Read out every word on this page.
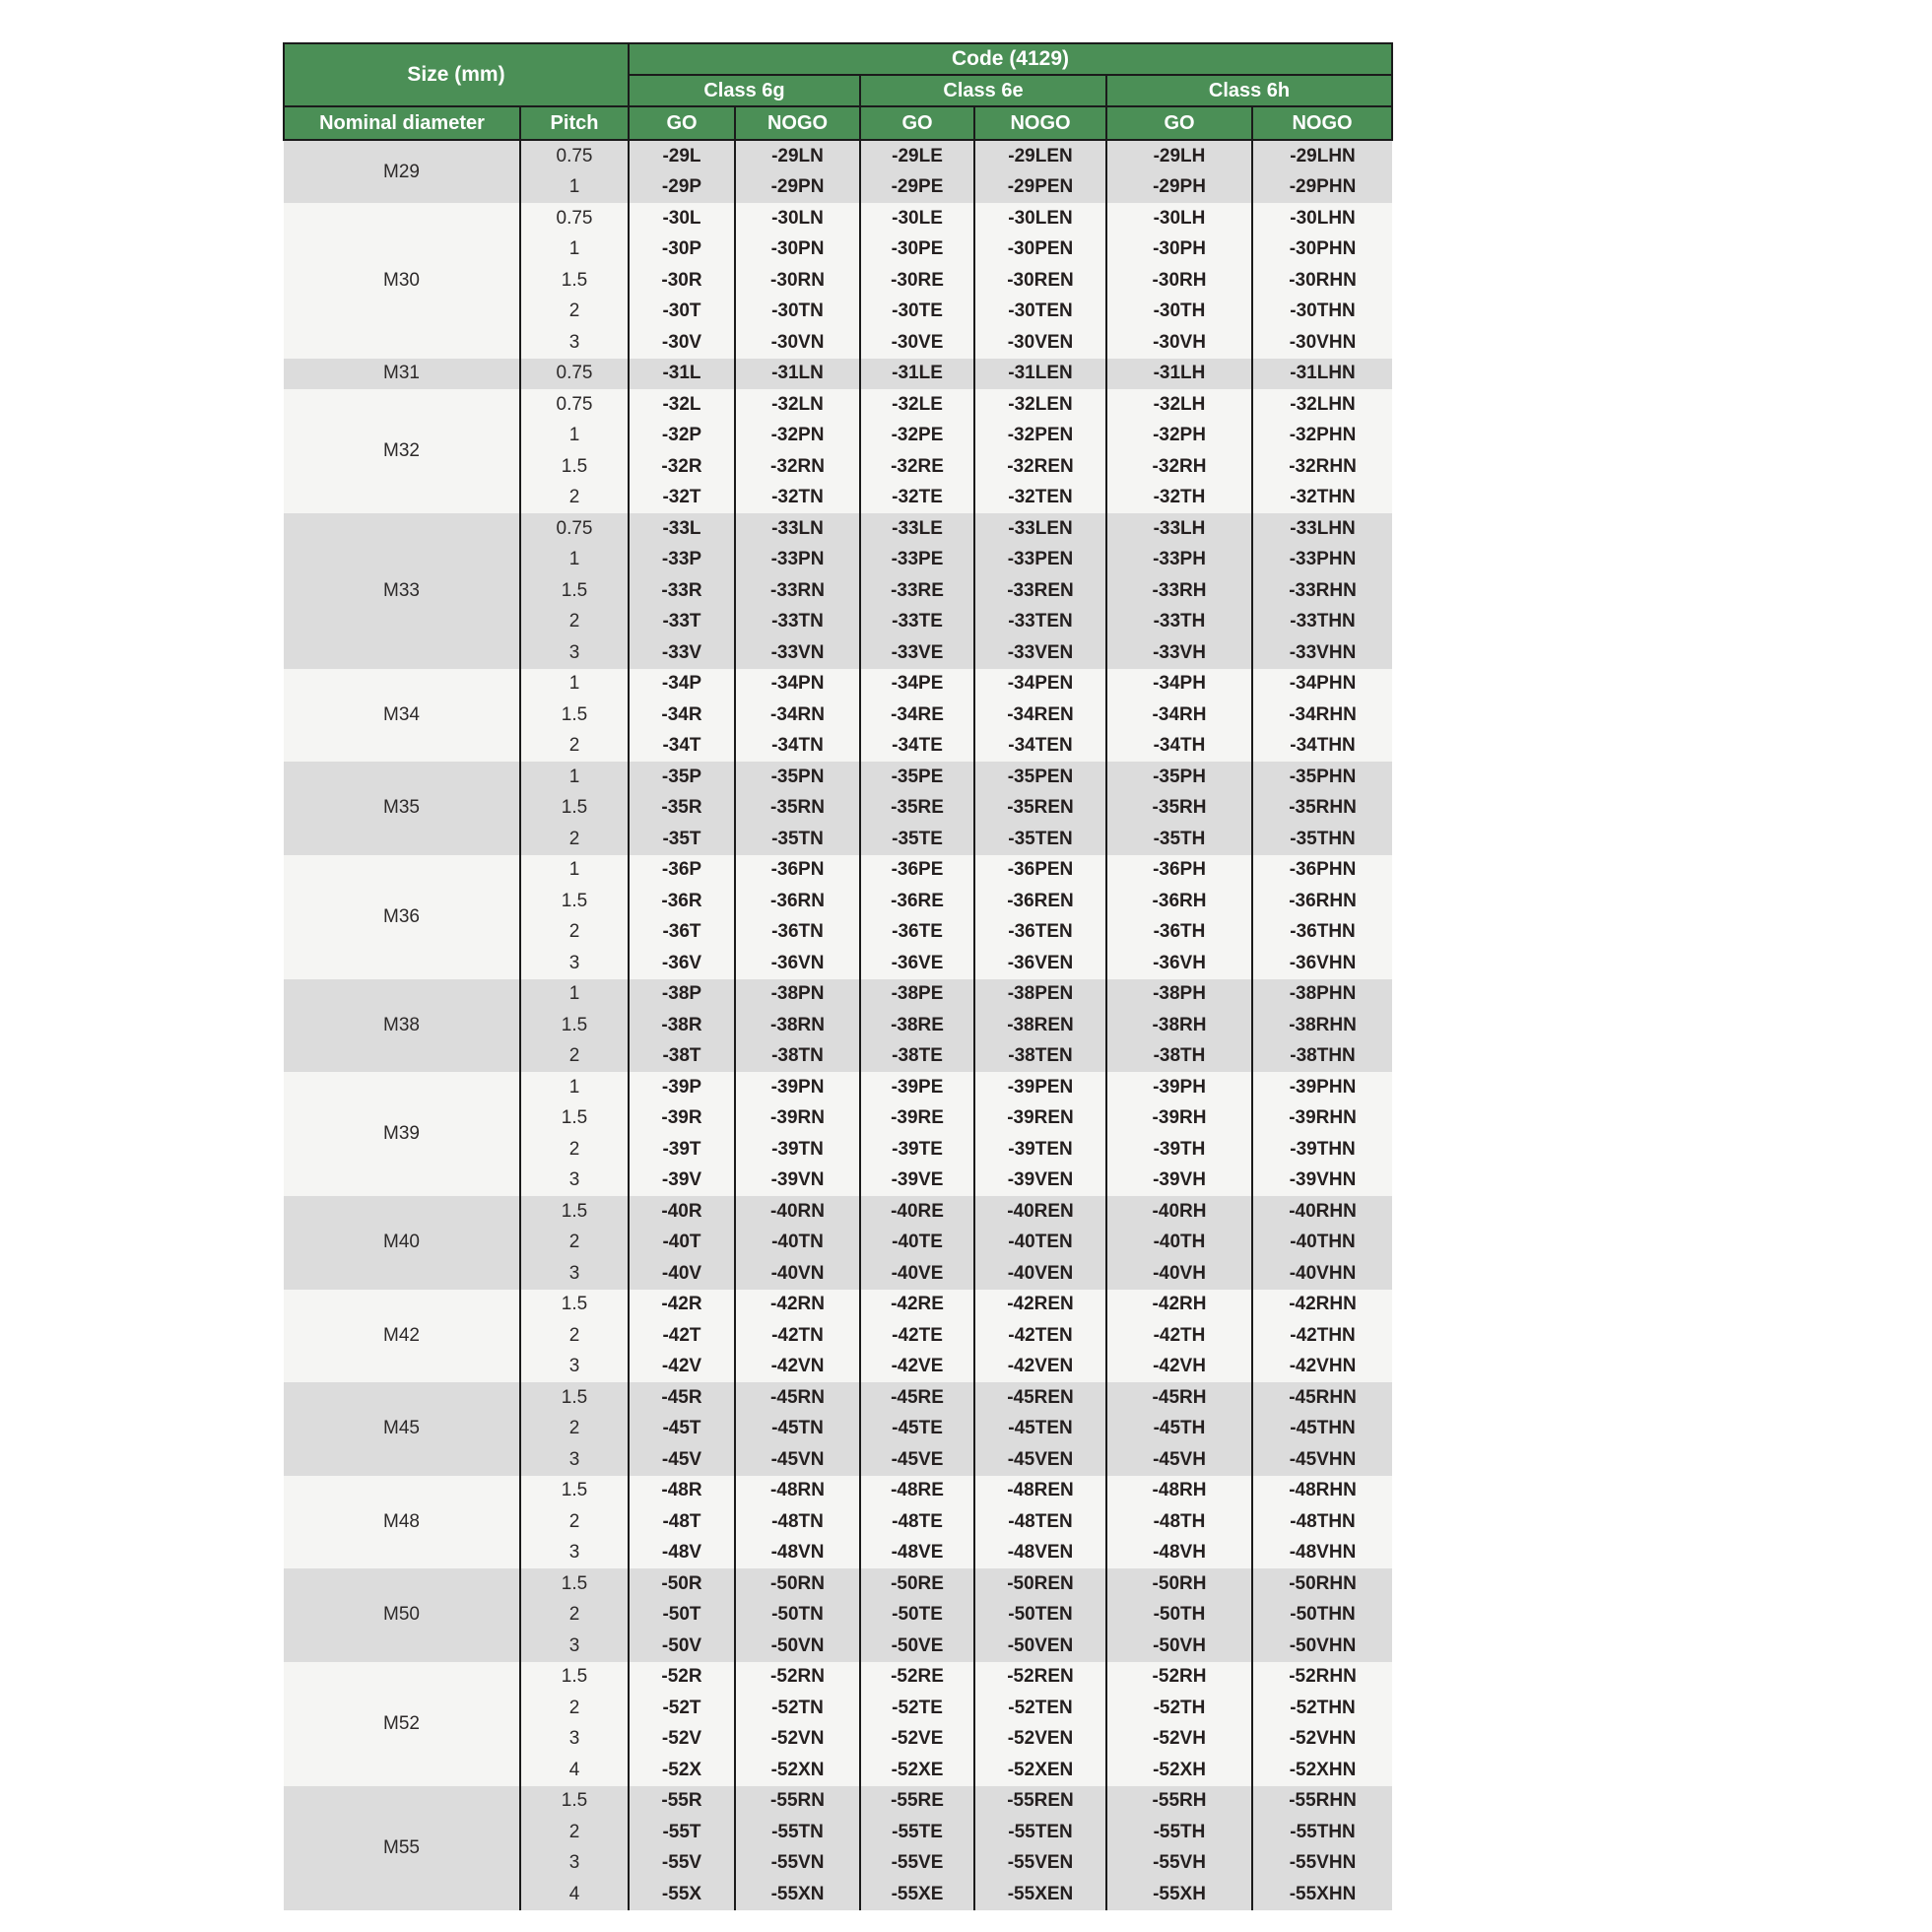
Size (mm)		Code (4129)					
		Class 6g		Class 6e		Class 6h	
Nominal diameter	Pitch	GO	NOGO	GO	NOGO	GO	NOGO
M29	0.75	-29L	-29LN	-29LE	-29LEN	-29LH	-29LHN
	1	-29P	-29PN	-29PE	-29PEN	-29PH	-29PHN
M30	0.75	-30L	-30LN	-30LE	-30LEN	-30LH	-30LHN
	1	-30P	-30PN	-30PE	-30PEN	-30PH	-30PHN
	1.5	-30R	-30RN	-30RE	-30REN	-30RH	-30RHN
	2	-30T	-30TN	-30TE	-30TEN	-30TH	-30THN
	3	-30V	-30VN	-30VE	-30VEN	-30VH	-30VHN
M31	0.75	-31L	-31LN	-31LE	-31LEN	-31LH	-31LHN
M32	0.75	-32L	-32LN	-32LE	-32LEN	-32LH	-32LHN
	1	-32P	-32PN	-32PE	-32PEN	-32PH	-32PHN
	1.5	-32R	-32RN	-32RE	-32REN	-32RH	-32RHN
	2	-32T	-32TN	-32TE	-32TEN	-32TH	-32THN
M33	0.75	-33L	-33LN	-33LE	-33LEN	-33LH	-33LHN
	1	-33P	-33PN	-33PE	-33PEN	-33PH	-33PHN
	1.5	-33R	-33RN	-33RE	-33REN	-33RH	-33RHN
	2	-33T	-33TN	-33TE	-33TEN	-33TH	-33THN
	3	-33V	-33VN	-33VE	-33VEN	-33VH	-33VHN
M34	1	-34P	-34PN	-34PE	-34PEN	-34PH	-34PHN
	1.5	-34R	-34RN	-34RE	-34REN	-34RH	-34RHN
	2	-34T	-34TN	-34TE	-34TEN	-34TH	-34THN
M35	1	-35P	-35PN	-35PE	-35PEN	-35PH	-35PHN
	1.5	-35R	-35RN	-35RE	-35REN	-35RH	-35RHN
	2	-35T	-35TN	-35TE	-35TEN	-35TH	-35THN
M36	1	-36P	-36PN	-36PE	-36PEN	-36PH	-36PHN
	1.5	-36R	-36RN	-36RE	-36REN	-36RH	-36RHN
	2	-36T	-36TN	-36TE	-36TEN	-36TH	-36THN
	3	-36V	-36VN	-36VE	-36VEN	-36VH	-36VHN
M38	1	-38P	-38PN	-38PE	-38PEN	-38PH	-38PHN
	1.5	-38R	-38RN	-38RE	-38REN	-38RH	-38RHN
	2	-38T	-38TN	-38TE	-38TEN	-38TH	-38THN
M39	1	-39P	-39PN	-39PE	-39PEN	-39PH	-39PHN
	1.5	-39R	-39RN	-39RE	-39REN	-39RH	-39RHN
	2	-39T	-39TN	-39TE	-39TEN	-39TH	-39THN
	3	-39V	-39VN	-39VE	-39VEN	-39VH	-39VHN
M40	1.5	-40R	-40RN	-40RE	-40REN	-40RH	-40RHN
	2	-40T	-40TN	-40TE	-40TEN	-40TH	-40THN
	3	-40V	-40VN	-40VE	-40VEN	-40VH	-40VHN
M42	1.5	-42R	-42RN	-42RE	-42REN	-42RH	-42RHN
	2	-42T	-42TN	-42TE	-42TEN	-42TH	-42THN
	3	-42V	-42VN	-42VE	-42VEN	-42VH	-42VHN
M45	1.5	-45R	-45RN	-45RE	-45REN	-45RH	-45RHN
	2	-45T	-45TN	-45TE	-45TEN	-45TH	-45THN
	3	-45V	-45VN	-45VE	-45VEN	-45VH	-45VHN
M48	1.5	-48R	-48RN	-48RE	-48REN	-48RH	-48RHN
	2	-48T	-48TN	-48TE	-48TEN	-48TH	-48THN
	3	-48V	-48VN	-48VE	-48VEN	-48VH	-48VHN
M50	1.5	-50R	-50RN	-50RE	-50REN	-50RH	-50RHN
	2	-50T	-50TN	-50TE	-50TEN	-50TH	-50THN
	3	-50V	-50VN	-50VE	-50VEN	-50VH	-50VHN
M52	1.5	-52R	-52RN	-52RE	-52REN	-52RH	-52RHN
	2	-52T	-52TN	-52TE	-52TEN	-52TH	-52THN
	3	-52V	-52VN	-52VE	-52VEN	-52VH	-52VHN
	4	-52X	-52XN	-52XE	-52XEN	-52XH	-52XHN
M55	1.5	-55R	-55RN	-55RE	-55REN	-55RH	-55RHN
	2	-55T	-55TN	-55TE	-55TEN	-55TH	-55THN
	3	-55V	-55VN	-55VE	-55VEN	-55VH	-55VHN
	4	-55X	-55XN	-55XE	-55XEN	-55XH	-55XHN
